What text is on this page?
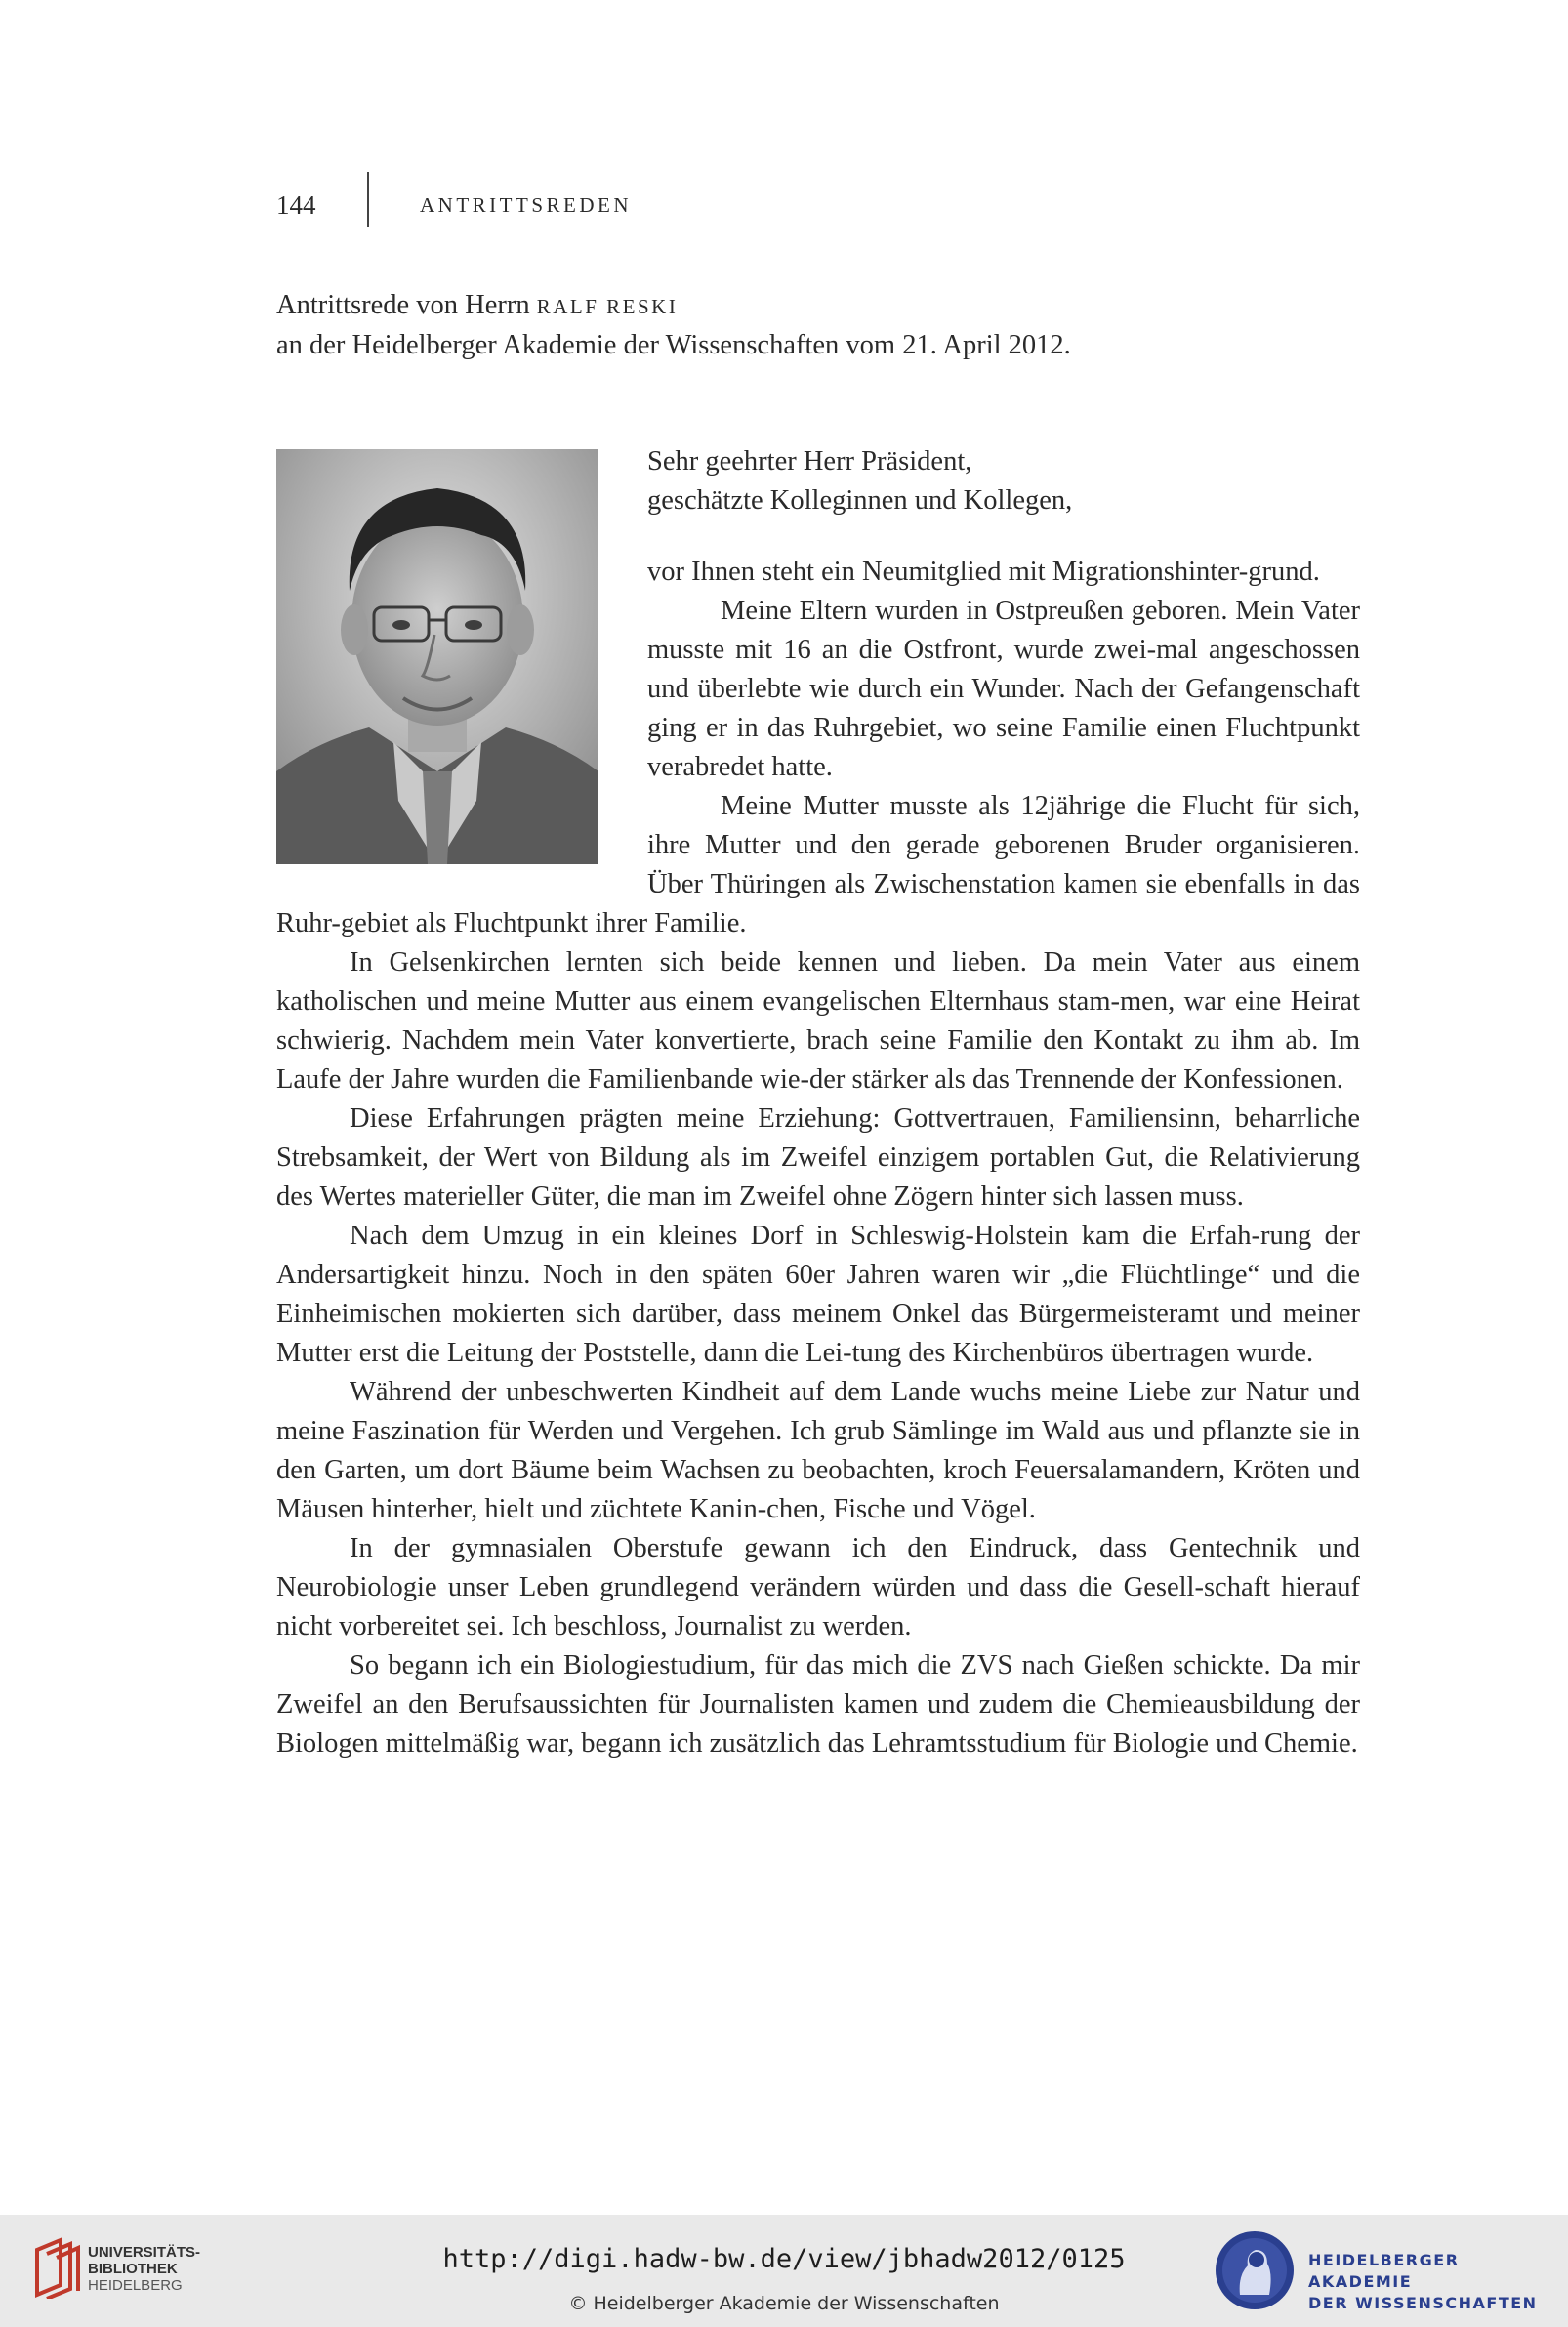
144	ANTRITTSREDEN
Antrittsrede von Herrn RALF RESKI
an der Heidelberger Akademie der Wissenschaften vom 21. April 2012.
Sehr geehrter Herr Präsident,
geschätzte Kolleginnen und Kollegen,

vor Ihnen steht ein Neumitglied mit Migrationshinter-grund.

Meine Eltern wurden in Ostpreußen geboren. Mein Vater musste mit 16 an die Ostfront, wurde zwei-mal angeschossen und überlebte wie durch ein Wunder. Nach der Gefangenschaft ging er in das Ruhrgebiet, wo seine Familie einen Fluchtpunkt verabredet hatte.

Meine Mutter musste als 12jährige die Flucht für sich, ihre Mutter und den gerade geborenen Bruder organisieren. Über Thüringen als Zwischenstation kamen sie ebenfalls in das Ruhr-gebiet als Fluchtpunkt ihrer Familie.

In Gelsenkirchen lernten sich beide kennen und lieben. Da mein Vater aus einem katholischen und meine Mutter aus einem evangelischen Elternhaus stam-men, war eine Heirat schwierig. Nachdem mein Vater konvertierte, brach seine Familie den Kontakt zu ihm ab. Im Laufe der Jahre wurden die Familienbande wie-der stärker als das Trennende der Konfessionen.

Diese Erfahrungen prägten meine Erziehung: Gottvertrauen, Familiensinn, beharrliche Strebsamkeit, der Wert von Bildung als im Zweifel einzigem portablen Gut, die Relativierung des Wertes materieller Güter, die man im Zweifel ohne Zögern hinter sich lassen muss.

Nach dem Umzug in ein kleines Dorf in Schleswig-Holstein kam die Erfah-rung der Andersartigkeit hinzu. Noch in den späten 60er Jahren waren wir „die Flüchtlinge“ und die Einheimischen mokierten sich darüber, dass meinem Onkel das Bürgermeisteramt und meiner Mutter erst die Leitung der Poststelle, dann die Lei-tung des Kirchenbüros übertragen wurde.

Während der unbeschwerten Kindheit auf dem Lande wuchs meine Liebe zur Natur und meine Faszination für Werden und Vergehen. Ich grub Sämlinge im Wald aus und pflanzte sie in den Garten, um dort Bäume beim Wachsen zu beobachten, kroch Feuersalamandern, Kröten und Mäusen hinterher, hielt und züchtete Kanin-chen, Fische und Vögel.

In der gymnasialen Oberstufe gewann ich den Eindruck, dass Gentechnik und Neurobiologie unser Leben grundlegend verändern würden und dass die Gesell-schaft hierauf nicht vorbereitet sei. Ich beschloss, Journalist zu werden.

So begann ich ein Biologiestudium, für das mich die ZVS nach Gießen schickte. Da mir Zweifel an den Berufsaussichten für Journalisten kamen und zudem die Chemieausbildung der Biologen mittelmäßig war, begann ich zusätzlich das Lehramtsstudium für Biologie und Chemie.

UNIVERSITÄTS-
BIBLIOTHEK
HEIDELBERG
http://digi.hadw-bw.de/view/jbhadw2012/0125
© Heidelberger Akademie der Wissenschaften
HEIDELBERGER AKADEMIE
DER WISSENSCHAFTEN
